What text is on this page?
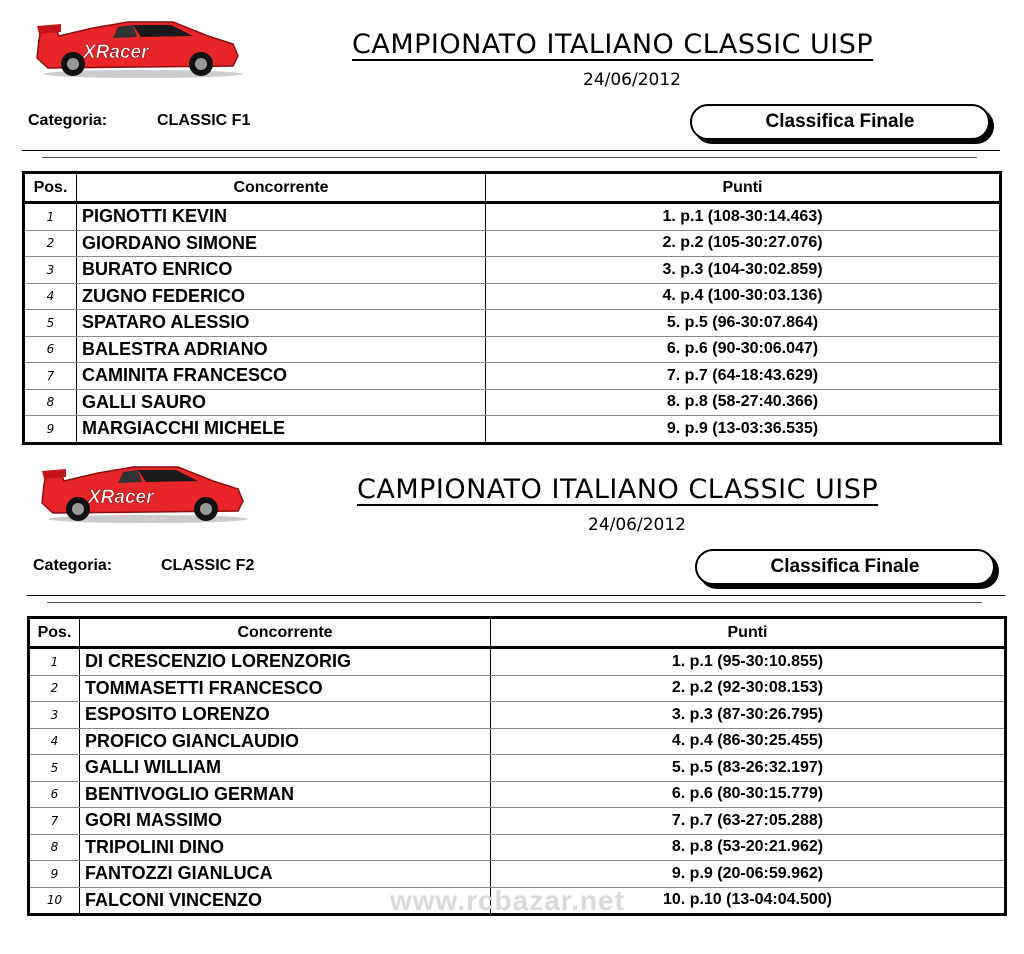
XRacer	CAMPIONATO ITALIANO CLASSIC UISP
24/06/2012
Categoria:	CLASSIC F1	Classifica Finale
Pos.	Concorrente	Punti
1	PIGNOTTI KEVIN	1. p.1 (108-30:14.463)
2	GIORDANO SIMONE	2. p.2 (105-30:27.076)
3	BURATO ENRICO	3. p.3 (104-30:02.859)
4	ZUGNO FEDERICO	4. p.4 (100-30:03.136)
5	SPATARO ALESSIO	5. p.5 (96-30:07.864)
6	BALESTRA ADRIANO	6. p.6 (90-30:06.047)
7	CAMINITA FRANCESCO	7. p.7 (64-18:43.629)
8	GALLI SAURO	8. p.8 (58-27:40.366)
9	MARGIACCHI MICHELE	9. p.9 (13-03:36.535)
XRacer	CAMPIONATO ITALIANO CLASSIC UISP
24/06/2012
Categoria:	CLASSIC F2	Classifica Finale
Pos.	Concorrente	Punti
1	DI CRESCENZIO LORENZORIG	1. p.1 (95-30:10.855)
2	TOMMASETTI FRANCESCO	2. p.2 (92-30:08.153)
3	ESPOSITO LORENZO	3. p.3 (87-30:26.795)
4	PROFICO GIANCLAUDIO	4. p.4 (86-30:25.455)
5	GALLI WILLIAM	5. p.5 (83-26:32.197)
6	BENTIVOGLIO GERMAN	6. p.6 (80-30:15.779)
7	GORI MASSIMO	7. p.7 (63-27:05.288)
8	TRIPOLINI DINO	8. p.8 (53-20:21.962)
9	FANTOZZI GIANLUCA	9. p.9 (20-06:59.962)
10	FALCONI VINCENZO	10. p.10 (13-04:04.500)
www.rcbazar.net
